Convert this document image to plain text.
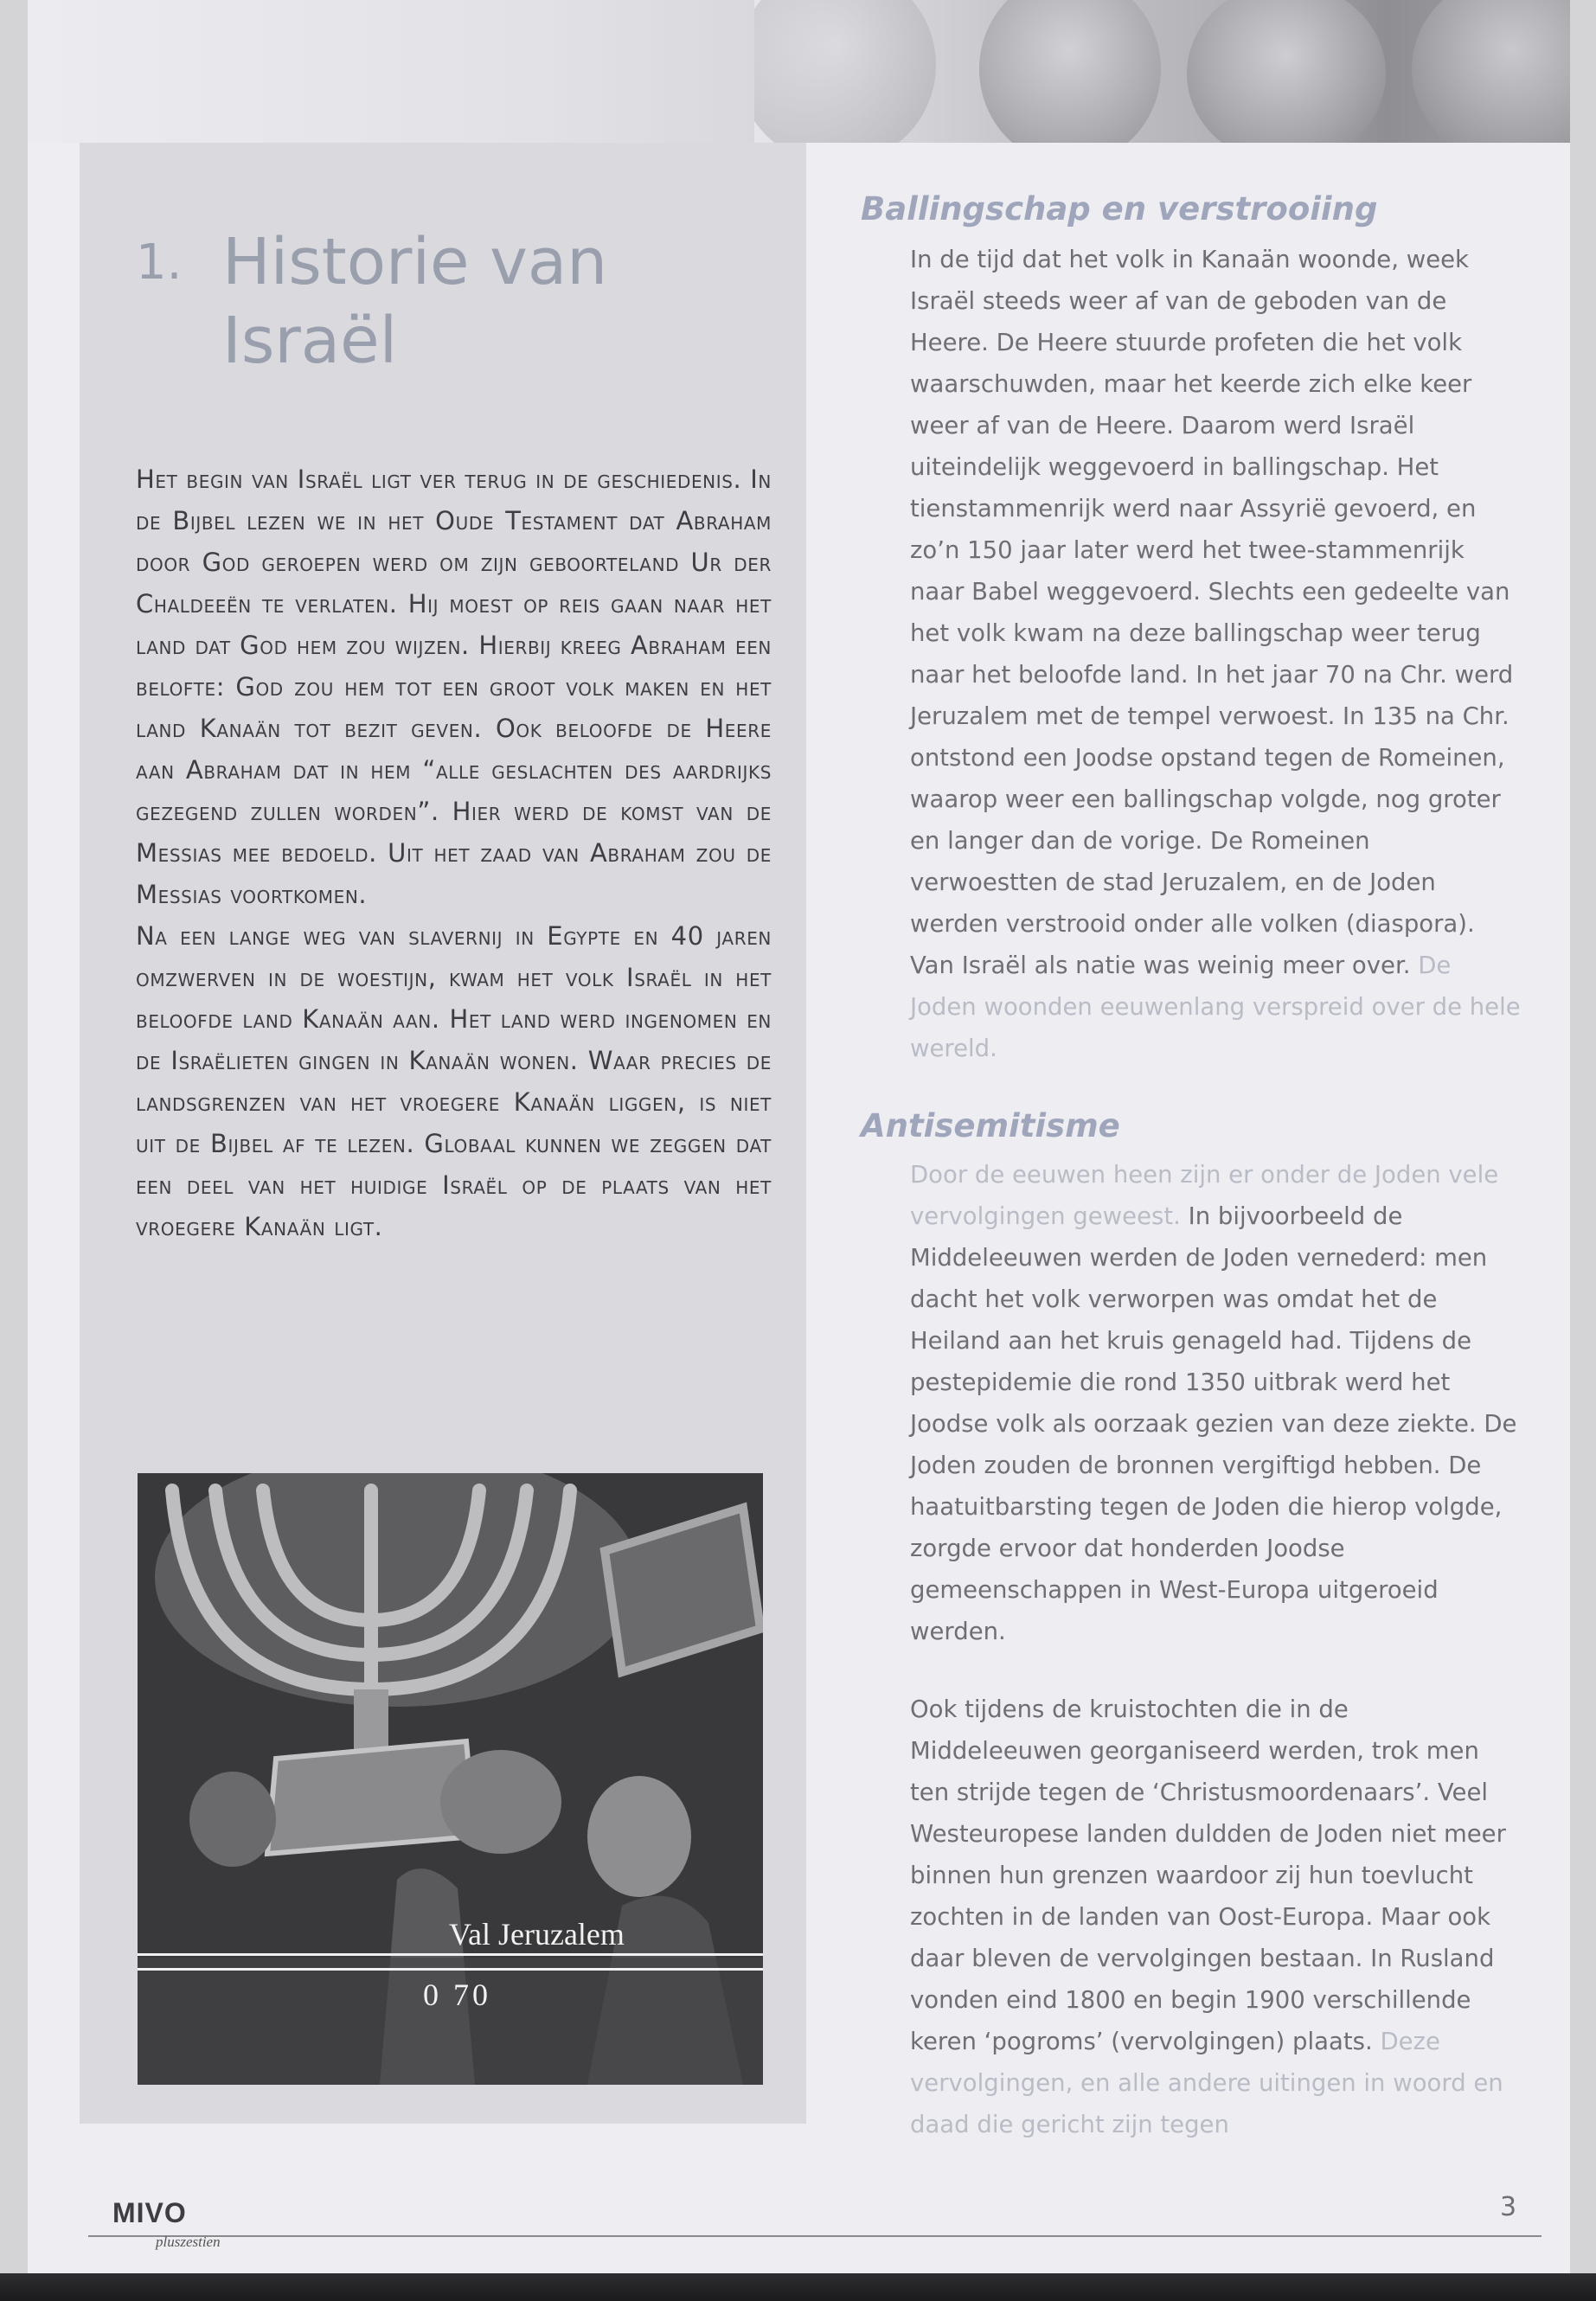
1. Historie van
Israël

Het begin van Israël ligt ver terug in de geschiedenis. In de Bijbel lezen we in het Oude Testament dat Abraham door God geroepen werd om zijn geboorteland Ur der Chaldeeën te verlaten. Hij moest op reis gaan naar het land dat God hem zou wijzen. Hierbij kreeg Abraham een belofte: God zou hem tot een groot volk maken en het land Kanaän tot bezit geven. Ook beloofde de Heere aan Abraham dat in hem “alle geslachten des aardrijks gezegend zullen worden”. Hier werd de komst van de Messias mee bedoeld. Uit het zaad van Abraham zou de Messias voortkomen.

Na een lange weg van slavernij in Egypte en 40 jaren omzwerven in de woestijn, kwam het volk Israël in het beloofde land Kanaän aan. Het land werd ingenomen en de Israëlieten gingen in Kanaän wonen. Waar precies de landsgrenzen van het vroegere Kanaän liggen, is niet uit de Bijbel af te lezen. Globaal kunnen we zeggen dat een deel van het huidige Israël op de plaats van het vroegere Kanaän ligt.

Val Jeruzalem
0 70
Ballingschap en verstrooiing

In de tijd dat het volk in Kanaän woonde, week Israël steeds weer af van de geboden van de Heere. De Heere stuurde profeten die het volk waarschuwden, maar het keerde zich elke keer weer af van de Heere. Daarom werd Israël uiteindelijk weggevoerd in ballingschap. Het tienstammenrijk werd naar Assyrië gevoerd, en zo’n 150 jaar later werd het twee-stammenrijk naar Babel weggevoerd. Slechts een gedeelte van het volk kwam na deze ballingschap weer terug naar het beloofde land. In het jaar 70 na Chr. werd Jeruzalem met de tempel verwoest. In 135 na Chr. ontstond een Joodse opstand tegen de Romeinen, waarop weer een ballingschap volgde, nog groter en langer dan de vorige. De Romeinen verwoestten de stad Jeruzalem, en de Joden werden verstrooid onder alle volken (diaspora). Van Israël als natie was weinig meer over. De Joden woonden eeuwenlang verspreid over de hele wereld.

Antisemitisme

Door de eeuwen heen zijn er onder de Joden vele vervolgingen geweest. In bijvoorbeeld de Middeleeuwen werden de Joden vernederd: men dacht het volk verworpen was omdat het de Heiland aan het kruis genageld had. Tijdens de pestepidemie die rond 1350 uitbrak werd het Joodse volk als oorzaak gezien van deze ziekte. De Joden zouden de bronnen vergiftigd hebben. De haatuitbarsting tegen de Joden die hierop volgde, zorgde ervoor dat honderden Joodse gemeenschappen in West-Europa uitgeroeid werden.

Ook tijdens de kruistochten die in de Middeleeuwen georganiseerd werden, trok men ten strijde tegen de ‘Christusmoordenaars’. Veel Westeuropese landen duldden de Joden niet meer binnen hun grenzen waardoor zij hun toevlucht zochten in de landen van Oost-Europa. Maar ook daar bleven de vervolgingen bestaan. In Rusland vonden eind 1800 en begin 1900 verschillende keren ‘pogroms’ (vervolgingen) plaats. Deze vervolgingen, en alle andere uitingen in woord en daad die gericht zijn tegen

MIVO
pluszestien
3
